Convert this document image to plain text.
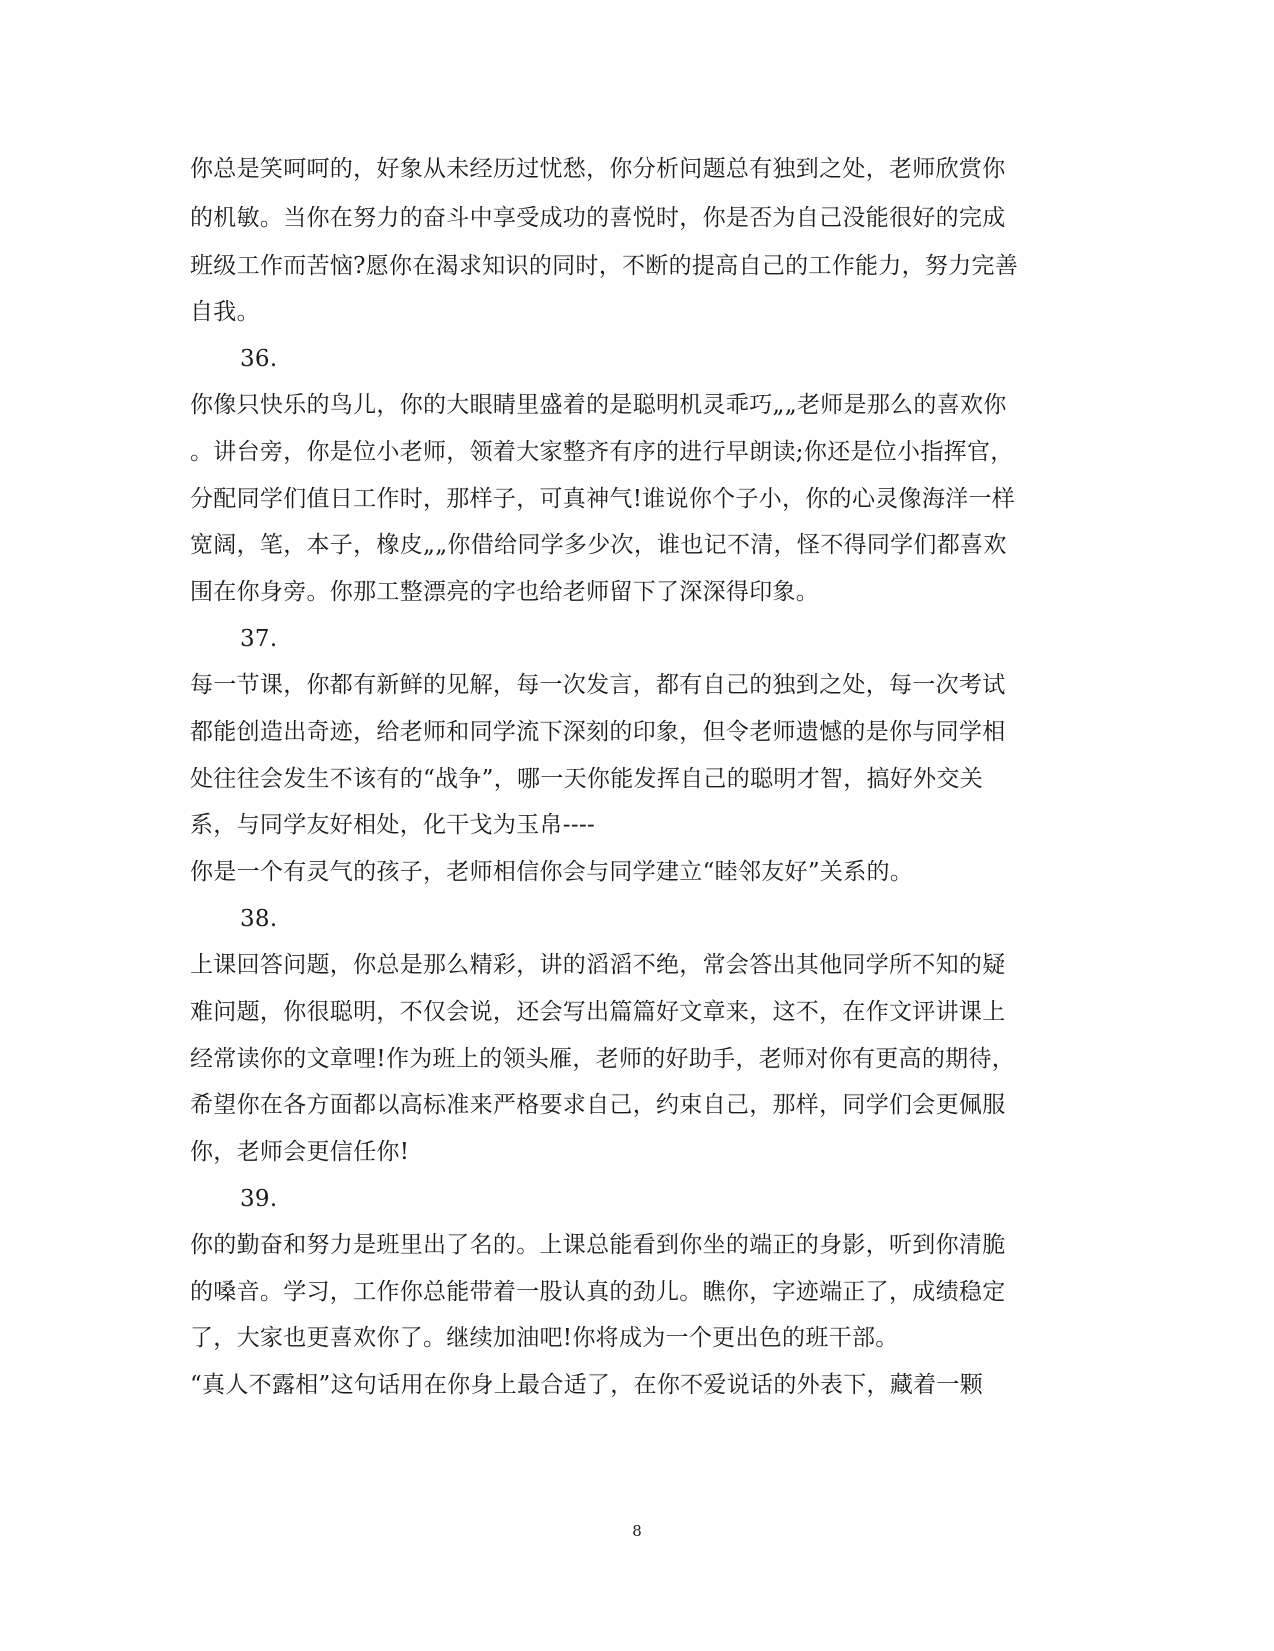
你总是笑呵呵的，好象从未经历过忧愁，你分析问题总有独到之处，老师欣赏你
的机敏。当你在努力的奋斗中享受成功的喜悦时，你是否为自己没能很好的完成
班级工作而苦恼?愿你在渴求知识的同时，不断的提高自己的工作能力，努力完善
自我。
36.
你像只快乐的鸟儿，你的大眼睛里盛着的是聪明机灵乖巧„„老师是那么的喜欢你
。讲台旁，你是位小老师，领着大家整齐有序的进行早朗读;你还是位小指挥官，
分配同学们值日工作时，那样子，可真神气!谁说你个子小，你的心灵像海洋一样
宽阔，笔，本子，橡皮„„你借给同学多少次，谁也记不清，怪不得同学们都喜欢
围在你身旁。你那工整漂亮的字也给老师留下了深深得印象。
37.
每一节课，你都有新鲜的见解，每一次发言，都有自己的独到之处，每一次考试
都能创造出奇迹，给老师和同学流下深刻的印象，但令老师遗憾的是你与同学相
处往往会发生不该有的“战争”，哪一天你能发挥自己的聪明才智，搞好外交关
系，与同学友好相处，化干戈为玉帛----
你是一个有灵气的孩子，老师相信你会与同学建立“睦邻友好”关系的。
38.
上课回答问题，你总是那么精彩，讲的滔滔不绝，常会答出其他同学所不知的疑
难问题，你很聪明，不仅会说，还会写出篇篇好文章来，这不，在作文评讲课上
经常读你的文章哩!作为班上的领头雁，老师的好助手，老师对你有更高的期待，
希望你在各方面都以高标准来严格要求自己，约束自己，那样，同学们会更佩服
你，老师会更信任你!
39.
你的勤奋和努力是班里出了名的。上课总能看到你坐的端正的身影，听到你清脆
的嗓音。学习，工作你总能带着一股认真的劲儿。瞧你，字迹端正了，成绩稳定
了，大家也更喜欢你了。继续加油吧!你将成为一个更出色的班干部。
“真人不露相”这句话用在你身上最合适了，在你不爱说话的外表下，藏着一颗
8
